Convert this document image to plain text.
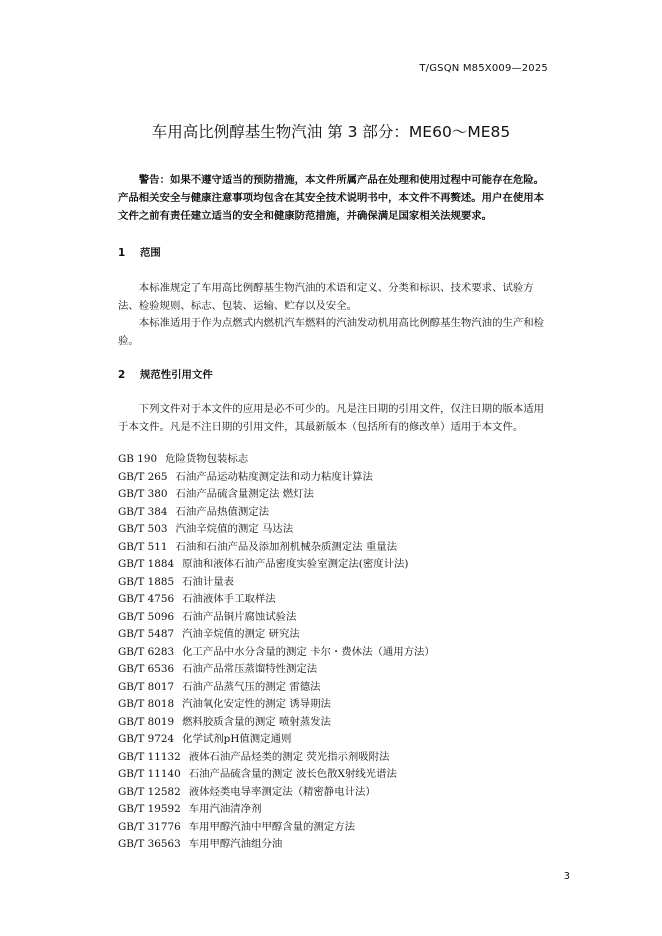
T/GSQN M85X009—2025
车用高比例醇基生物汽油 第 3 部分：ME60～ME85

警告：如果不遵守适当的预防措施，本文件所属产品在处理和使用过程中可能存在危险。产品相关安全与健康注意事项均包含在其安全技术说明书中，本文件不再赘述。用户在使用本文件之前有责任建立适当的安全和健康防范措施，并确保满足国家相关法规要求。

1 范围

本标准规定了车用高比例醇基生物汽油的术语和定义、分类和标识、技术要求、试验方法、检验规则、标志、包装、运输、贮存以及安全。

本标准适用于作为点燃式内燃机汽车燃料的汽油发动机用高比例醇基生物汽油的生产和检验。

2 规范性引用文件

下列文件对于本文件的应用是必不可少的。凡是注日期的引用文件，仅注日期的版本适用于本文件。凡是不注日期的引用文件，其最新版本（包括所有的修改单）适用于本文件。

GB 190 危险货物包装标志
GB/T 265 石油产品运动粘度测定法和动力粘度计算法
GB/T 380 石油产品硫含量测定法 燃灯法
GB/T 384 石油产品热值测定法
GB/T 503 汽油辛烷值的测定 马达法
GB/T 511 石油和石油产品及添加剂机械杂质测定法 重量法
GB/T 1884 原油和液体石油产品密度实验室测定法(密度计法)
GB/T 1885 石油计量表
GB/T 4756 石油液体手工取样法
GB/T 5096 石油产品铜片腐蚀试验法
GB/T 5487 汽油辛烷值的测定 研究法
GB/T 6283 化工产品中水分含量的测定 卡尔・费休法（通用方法）
GB/T 6536 石油产品常压蒸馏特性测定法
GB/T 8017 石油产品蒸气压的测定 雷德法
GB/T 8018 汽油氧化安定性的测定 诱导期法
GB/T 8019 燃料胶质含量的测定 喷射蒸发法
GB/T 9724 化学试剂pH值测定通则
GB/T 11132 液体石油产品烃类的测定 荧光指示剂吸附法
GB/T 11140 石油产品硫含量的测定 波长色散X射线光谱法
GB/T 12582 液体烃类电导率测定法（精密静电计法）
GB/T 19592 车用汽油清净剂
GB/T 31776 车用甲醇汽油中甲醇含量的测定方法
GB/T 36563 车用甲醇汽油组分油
3
